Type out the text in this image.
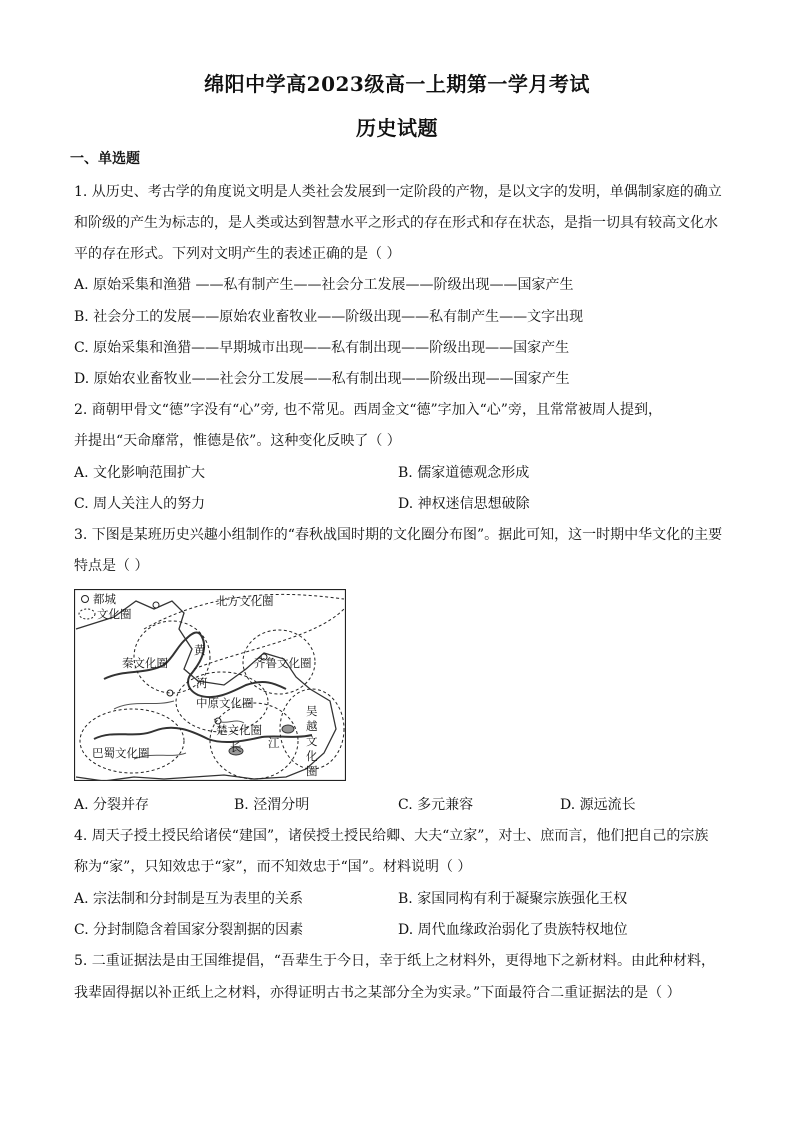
绵阳中学高2023级高一上期第一学月考试
历史试题
一、单选题
1. 从历史、考古学的角度说文明是人类社会发展到一定阶段的产物，是以文字的发明，单偶制家庭的确立
和阶级的产生为标志的，是人类或达到智慧水平之形式的存在形式和存在状态，是指一切具有较高文化水
平的存在形式。下列对文明产生的表述正确的是（ ）
A. 原始采集和渔猎 ——私有制产生——社会分工发展——阶级出现——国家产生
B. 社会分工的发展——原始农业畜牧业——阶级出现——私有制产生——文字出现
C. 原始采集和渔猎——早期城市出现——私有制出现——阶级出现——国家产生
D. 原始农业畜牧业——社会分工发展——私有制出现——阶级出现——国家产生
2. 商朝甲骨文“德”字没有“心”旁, 也不常见。西周金文“德”字加入“心”旁，且常常被周人提到，
并提出“天命靡常，惟德是依”。这种变化反映了（ ）
A. 文化影响范围扩大	B. 儒家道德观念形成
C. 周人关注人的努力	D. 神权迷信思想破除
3. 下图是某班历史兴趣小组制作的“春秋战国时期的文化圈分布图”。据此可知，这一时期中华文化的主要
特点是（ ）
都城
文化圈
北方文化圈
秦文化圈
黄
河
齐鲁文化圈
中原文化圈
楚文化圈
长 江
巴蜀文化圈
吴
越
文
化
圈
A. 分裂并存	B. 泾渭分明	C. 多元兼容	D. 源远流长
4. 周天子授土授民给诸侯“建国”，诸侯授土授民给卿、大夫“立家”，对士、庶而言，他们把自己的宗族
称为“家”，只知效忠于“家”，而不知效忠于“国”。材料说明（ ）
A. 宗法制和分封制是互为表里的关系	B. 家国同构有利于凝聚宗族强化王权
C. 分封制隐含着国家分裂割据的因素	D. 周代血缘政治弱化了贵族特权地位
5. 二重证据法是由王国维提倡，“吾辈生于今日，幸于纸上之材料外，更得地下之新材料。由此种材料，
我辈固得据以补正纸上之材料，亦得证明古书之某部分全为实录。”下面最符合二重证据法的是（ ）
